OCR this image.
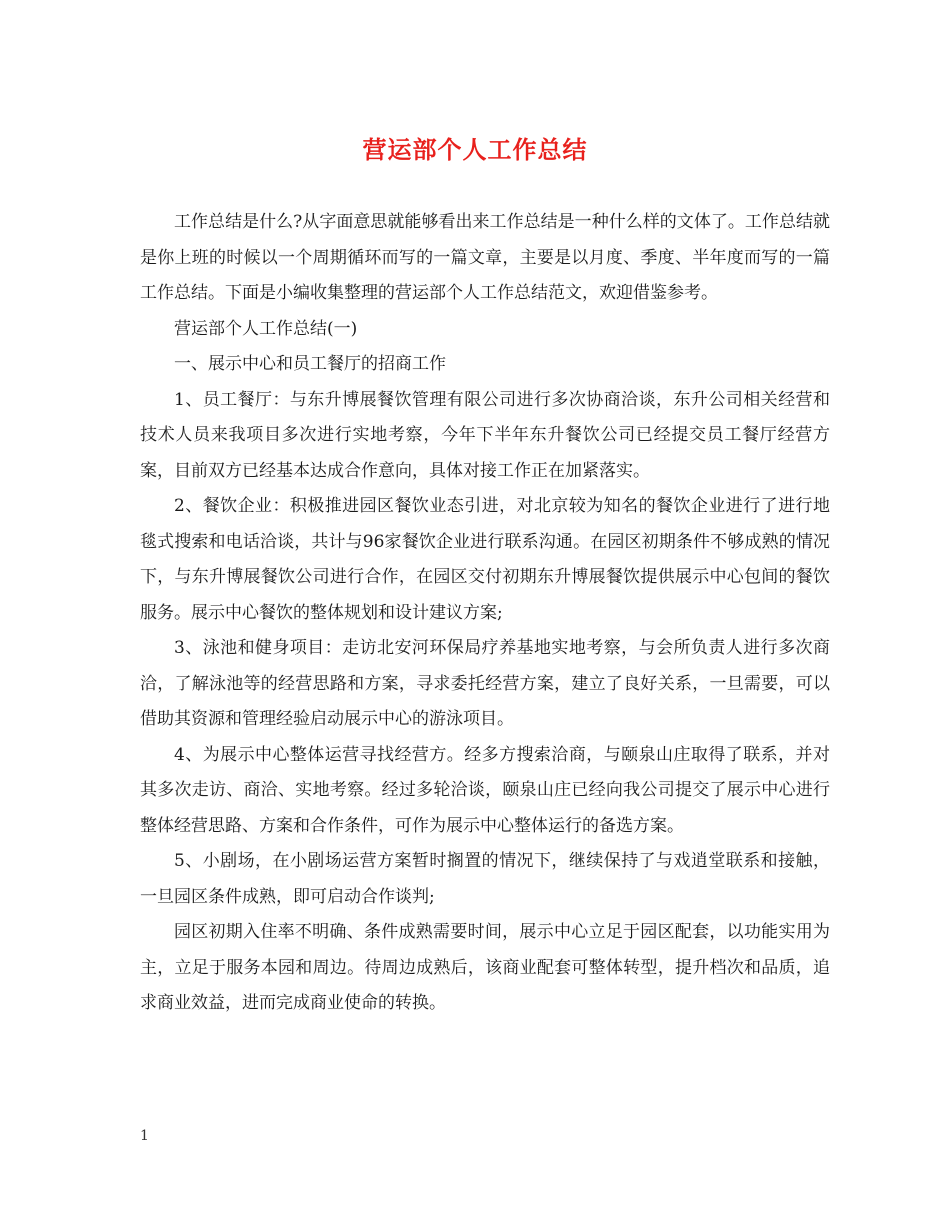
营运部个人工作总结

工作总结是什么?从字面意思就能够看出来工作总结是一种什么样的文体了。工作总结就是你上班的时候以一个周期循环而写的一篇文章，主要是以月度、季度、半年度而写的一篇工作总结。下面是小编收集整理的营运部个人工作总结范文，欢迎借鉴参考。

营运部个人工作总结(一)

一、展示中心和员工餐厅的招商工作

1、员工餐厅：与东升博展餐饮管理有限公司进行多次协商洽谈，东升公司相关经营和技术人员来我项目多次进行实地考察，今年下半年东升餐饮公司已经提交员工餐厅经营方案，目前双方已经基本达成合作意向，具体对接工作正在加紧落实。

2、餐饮企业：积极推进园区餐饮业态引进，对北京较为知名的餐饮企业进行了进行地毯式搜索和电话洽谈，共计与96家餐饮企业进行联系沟通。在园区初期条件不够成熟的情况下，与东升博展餐饮公司进行合作，在园区交付初期东升博展餐饮提供展示中心包间的餐饮服务。展示中心餐饮的整体规划和设计建议方案;

3、泳池和健身项目：走访北安河环保局疗养基地实地考察，与会所负责人进行多次商洽，了解泳池等的经营思路和方案，寻求委托经营方案，建立了良好关系，一旦需要，可以借助其资源和管理经验启动展示中心的游泳项目。

4、为展示中心整体运营寻找经营方。经多方搜索洽商，与颐泉山庄取得了联系，并对其多次走访、商洽、实地考察。经过多轮洽谈，颐泉山庄已经向我公司提交了展示中心进行整体经营思路、方案和合作条件，可作为展示中心整体运行的备选方案。

5、小剧场，在小剧场运营方案暂时搁置的情况下，继续保持了与戏逍堂联系和接触，一旦园区条件成熟，即可启动合作谈判;

园区初期入住率不明确、条件成熟需要时间，展示中心立足于园区配套，以功能实用为主，立足于服务本园和周边。待周边成熟后，该商业配套可整体转型，提升档次和品质，追求商业效益，进而完成商业使命的转换。

1
